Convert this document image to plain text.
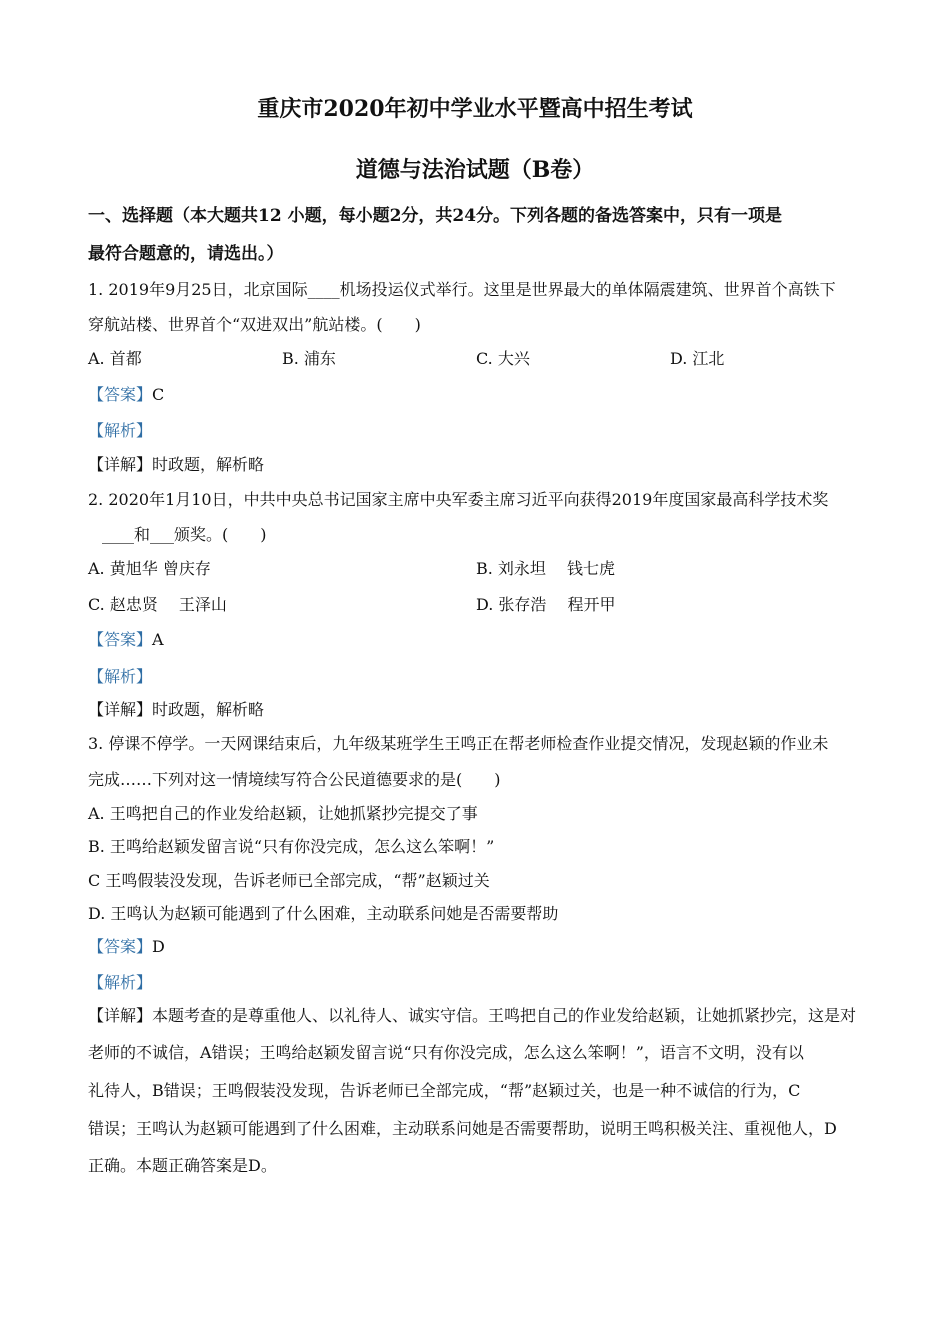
重庆市2020年初中学业水平暨高中招生考试
道德与法治试题（B卷）
一、选择题（本大题共12 小题，每小题2分，共24分。下列各题的备选答案中，只有一项是
最符合题意的，请选出。）
1. 2019年9月25日，北京国际____机场投运仪式举行。这里是世界最大的单体隔震建筑、世界首个高铁下
穿航站楼、世界首个“双进双出”航站楼。(　　)
A. 首都	B. 浦东	C. 大兴	D. 江北
【答案】C
【解析】
【详解】时政题，解析略
2. 2020年1月10日，中共中央总书记国家主席中央军委主席习近平向获得2019年度国家最高科学技术奖
____和___颁奖。(　　)
A. 黄旭华 曾庆存	B. 刘永坦　 钱七虎
C. 赵忠贤　 王泽山	D. 张存浩　 程开甲
【答案】A
【解析】
【详解】时政题，解析略
3. 停课不停学。一天网课结束后，九年级某班学生王鸣正在帮老师检查作业提交情况，发现赵颖的作业未
完成……下列对这一情境续写符合公民道德要求的是(　　)
A. 王鸣把自己的作业发给赵颖，让她抓紧抄完提交了事
B. 王鸣给赵颖发留言说“只有你没完成，怎么这么笨啊！”
C 王鸣假装没发现，告诉老师已全部完成，“帮”赵颖过关
D. 王鸣认为赵颖可能遇到了什么困难，主动联系问她是否需要帮助
【答案】D
【解析】
【详解】本题考查的是尊重他人、以礼待人、诚实守信。王鸣把自己的作业发给赵颖，让她抓紧抄完，这是对
老师的不诚信，A错误；王鸣给赵颖发留言说“只有你没完成，怎么这么笨啊！”，语言不文明，没有以
礼待人，B错误；王鸣假装没发现，告诉老师已全部完成，“帮”赵颖过关，也是一种不诚信的行为，C
错误；王鸣认为赵颖可能遇到了什么困难，主动联系问她是否需要帮助，说明王鸣积极关注、重视他人，D
正确。本题正确答案是D。
